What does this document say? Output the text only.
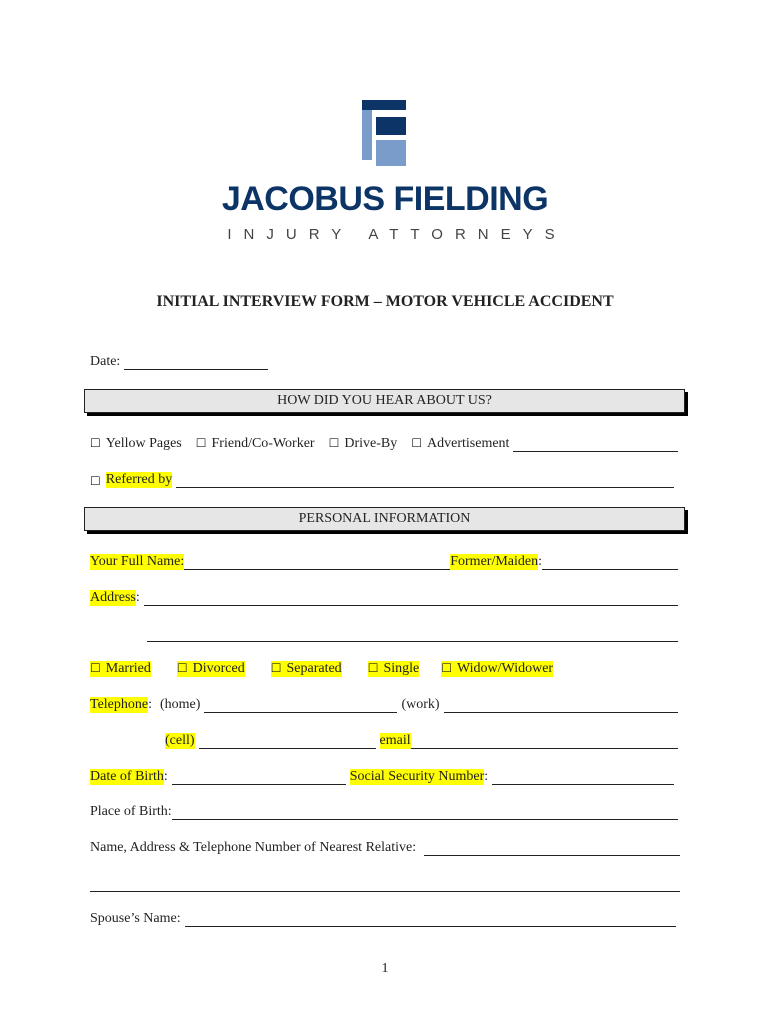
JACOBUS FIELDING
INJURY ATTORNEYS
INITIAL INTERVIEW FORM – MOTOR VEHICLE ACCIDENT
Date:
HOW DID YOU HEAR ABOUT US?
☐ Yellow Pages ☐ Friend/Co-Worker ☐ Drive-By ☐ Advertisement
☐ Referred by
PERSONAL INFORMATION
Your Full Name:	Former/Maiden :
Address :
☐ Married ☐ Divorced ☐ Separated ☐ Single ☐ Widow/Widower
Telephone : (home)	(work)
(cell)	email
Date of Birth :	Social Security Number :
Place of Birth:
Name, Address & Telephone Number of Nearest Relative:
Spouse’s Name:
1
